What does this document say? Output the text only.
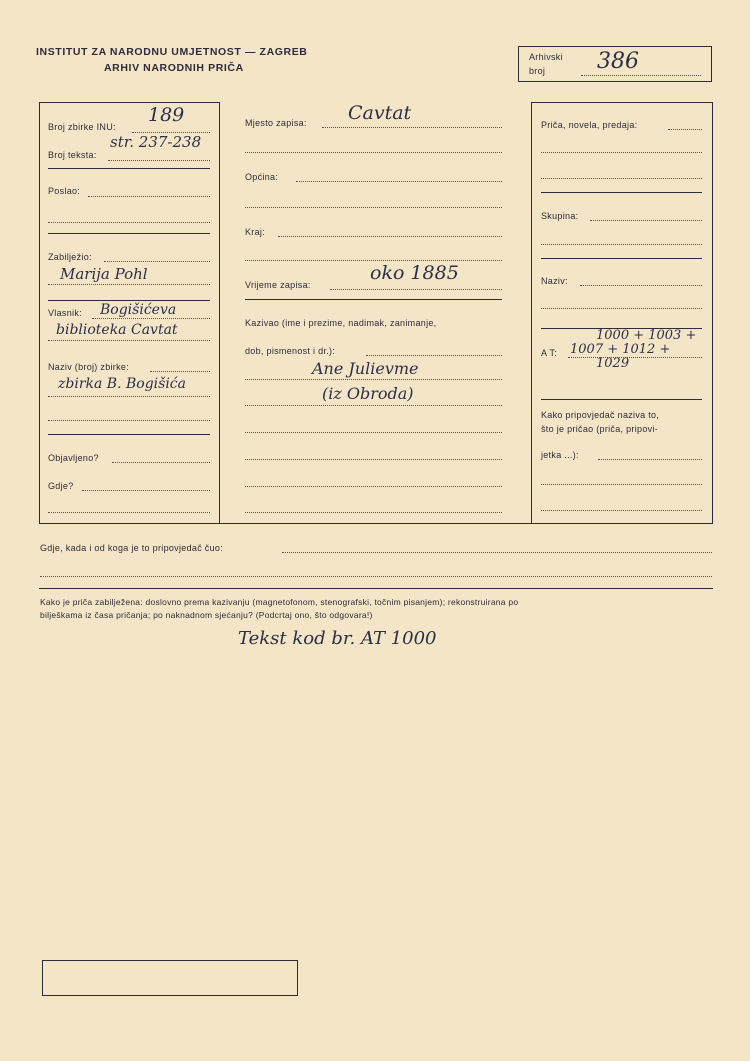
INSTITUT ZA NARODNU UMJETNOST — ZAGREB
ARHIV NARODNIH PRIČA
Arhivski
broj 386
Broj zbirke INU:
189
Broj teksta:
str. 237-238
Poslao:
Zabilježio:
Marija Pohl
Vlasnik: Bogišićeva
biblioteka Cavtat
Naziv (broj) zbirke:
zbirka B. Bogišića
Objavljeno?
Gdje?
Mjesto zapisa: Cavtat
Općina:
Kraj:
Vrijeme zapisa:
oko 1885
Kazivao (ime i prezime, nadimak, zanimanje,
dob, pismenost i dr.):
Ane Julievme
(iz Obroda)
Priča, novela, predaja:
Skupina:
Naziv:
1000 + 1003 +
A T: 1007 + 1012 +
1029
Kako pripovjedač naziva to,
što je pričao (priča, pripovi-
jetka ...):
Gdje, kada i od koga je to pripovjedač čuo:
Kako je priča zabilježena: doslovno prema kazivanju (magnetofonom, stenografski, točnim pisanjem); rekonstruirana po
bilješkama iz časa pričanja; po naknadnom sjećanju? (Podcrtaj ono, što odgovara!)
Tekst kod br. AT 1000
